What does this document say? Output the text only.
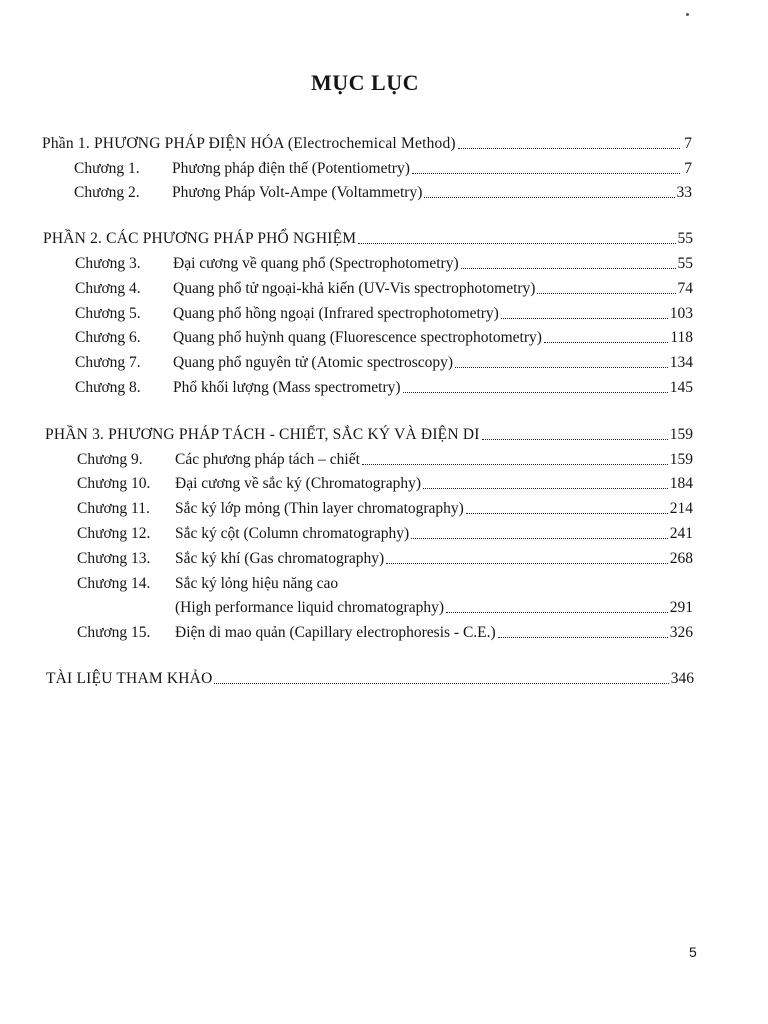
MỤC LỤC
Phần 1. PHƯƠNG PHÁP ĐIỆN HÓA (Electrochemical Method)	7
Chương 1.	Phương pháp điện thế (Potentiometry)	7
Chương 2.	Phương Pháp Volt-Ampe (Voltammetry)	33
PHẦN 2. CÁC PHƯƠNG PHÁP PHỔ NGHIỆM	55
Chương 3.	Đại cương về quang phổ (Spectrophotometry)	55
Chương 4.	Quang phổ tử ngoại-khả kiến (UV-Vis spectrophotometry)	74
Chương 5.	Quang phổ hồng ngoại (Infrared spectrophotometry)	103
Chương 6.	Quang phổ huỳnh quang (Fluorescence spectrophotometry)	118
Chương 7.	Quang phổ nguyên tử (Atomic spectroscopy)	134
Chương 8.	Phổ khối lượng (Mass spectrometry)	145
PHẦN 3. PHƯƠNG PHÁP TÁCH - CHIẾT, SẮC KÝ VÀ ĐIỆN DI	159
Chương 9.	Các phương pháp tách – chiết	159
Chương 10.	Đại cương về sắc ký (Chromatography)	184
Chương 11.	Sắc ký lớp mỏng (Thin layer chromatography)	214
Chương 12.	Sắc ký cột (Column chromatography)	241
Chương 13.	Sắc ký khí (Gas chromatography)	268
Chương 14. Sắc ký lỏng hiệu năng cao
(High performance liquid chromatography)	291
Chương 15.	Điện di mao quản (Capillary electrophoresis - C.E.)	326
TÀI LIỆU THAM KHẢO	346
5
